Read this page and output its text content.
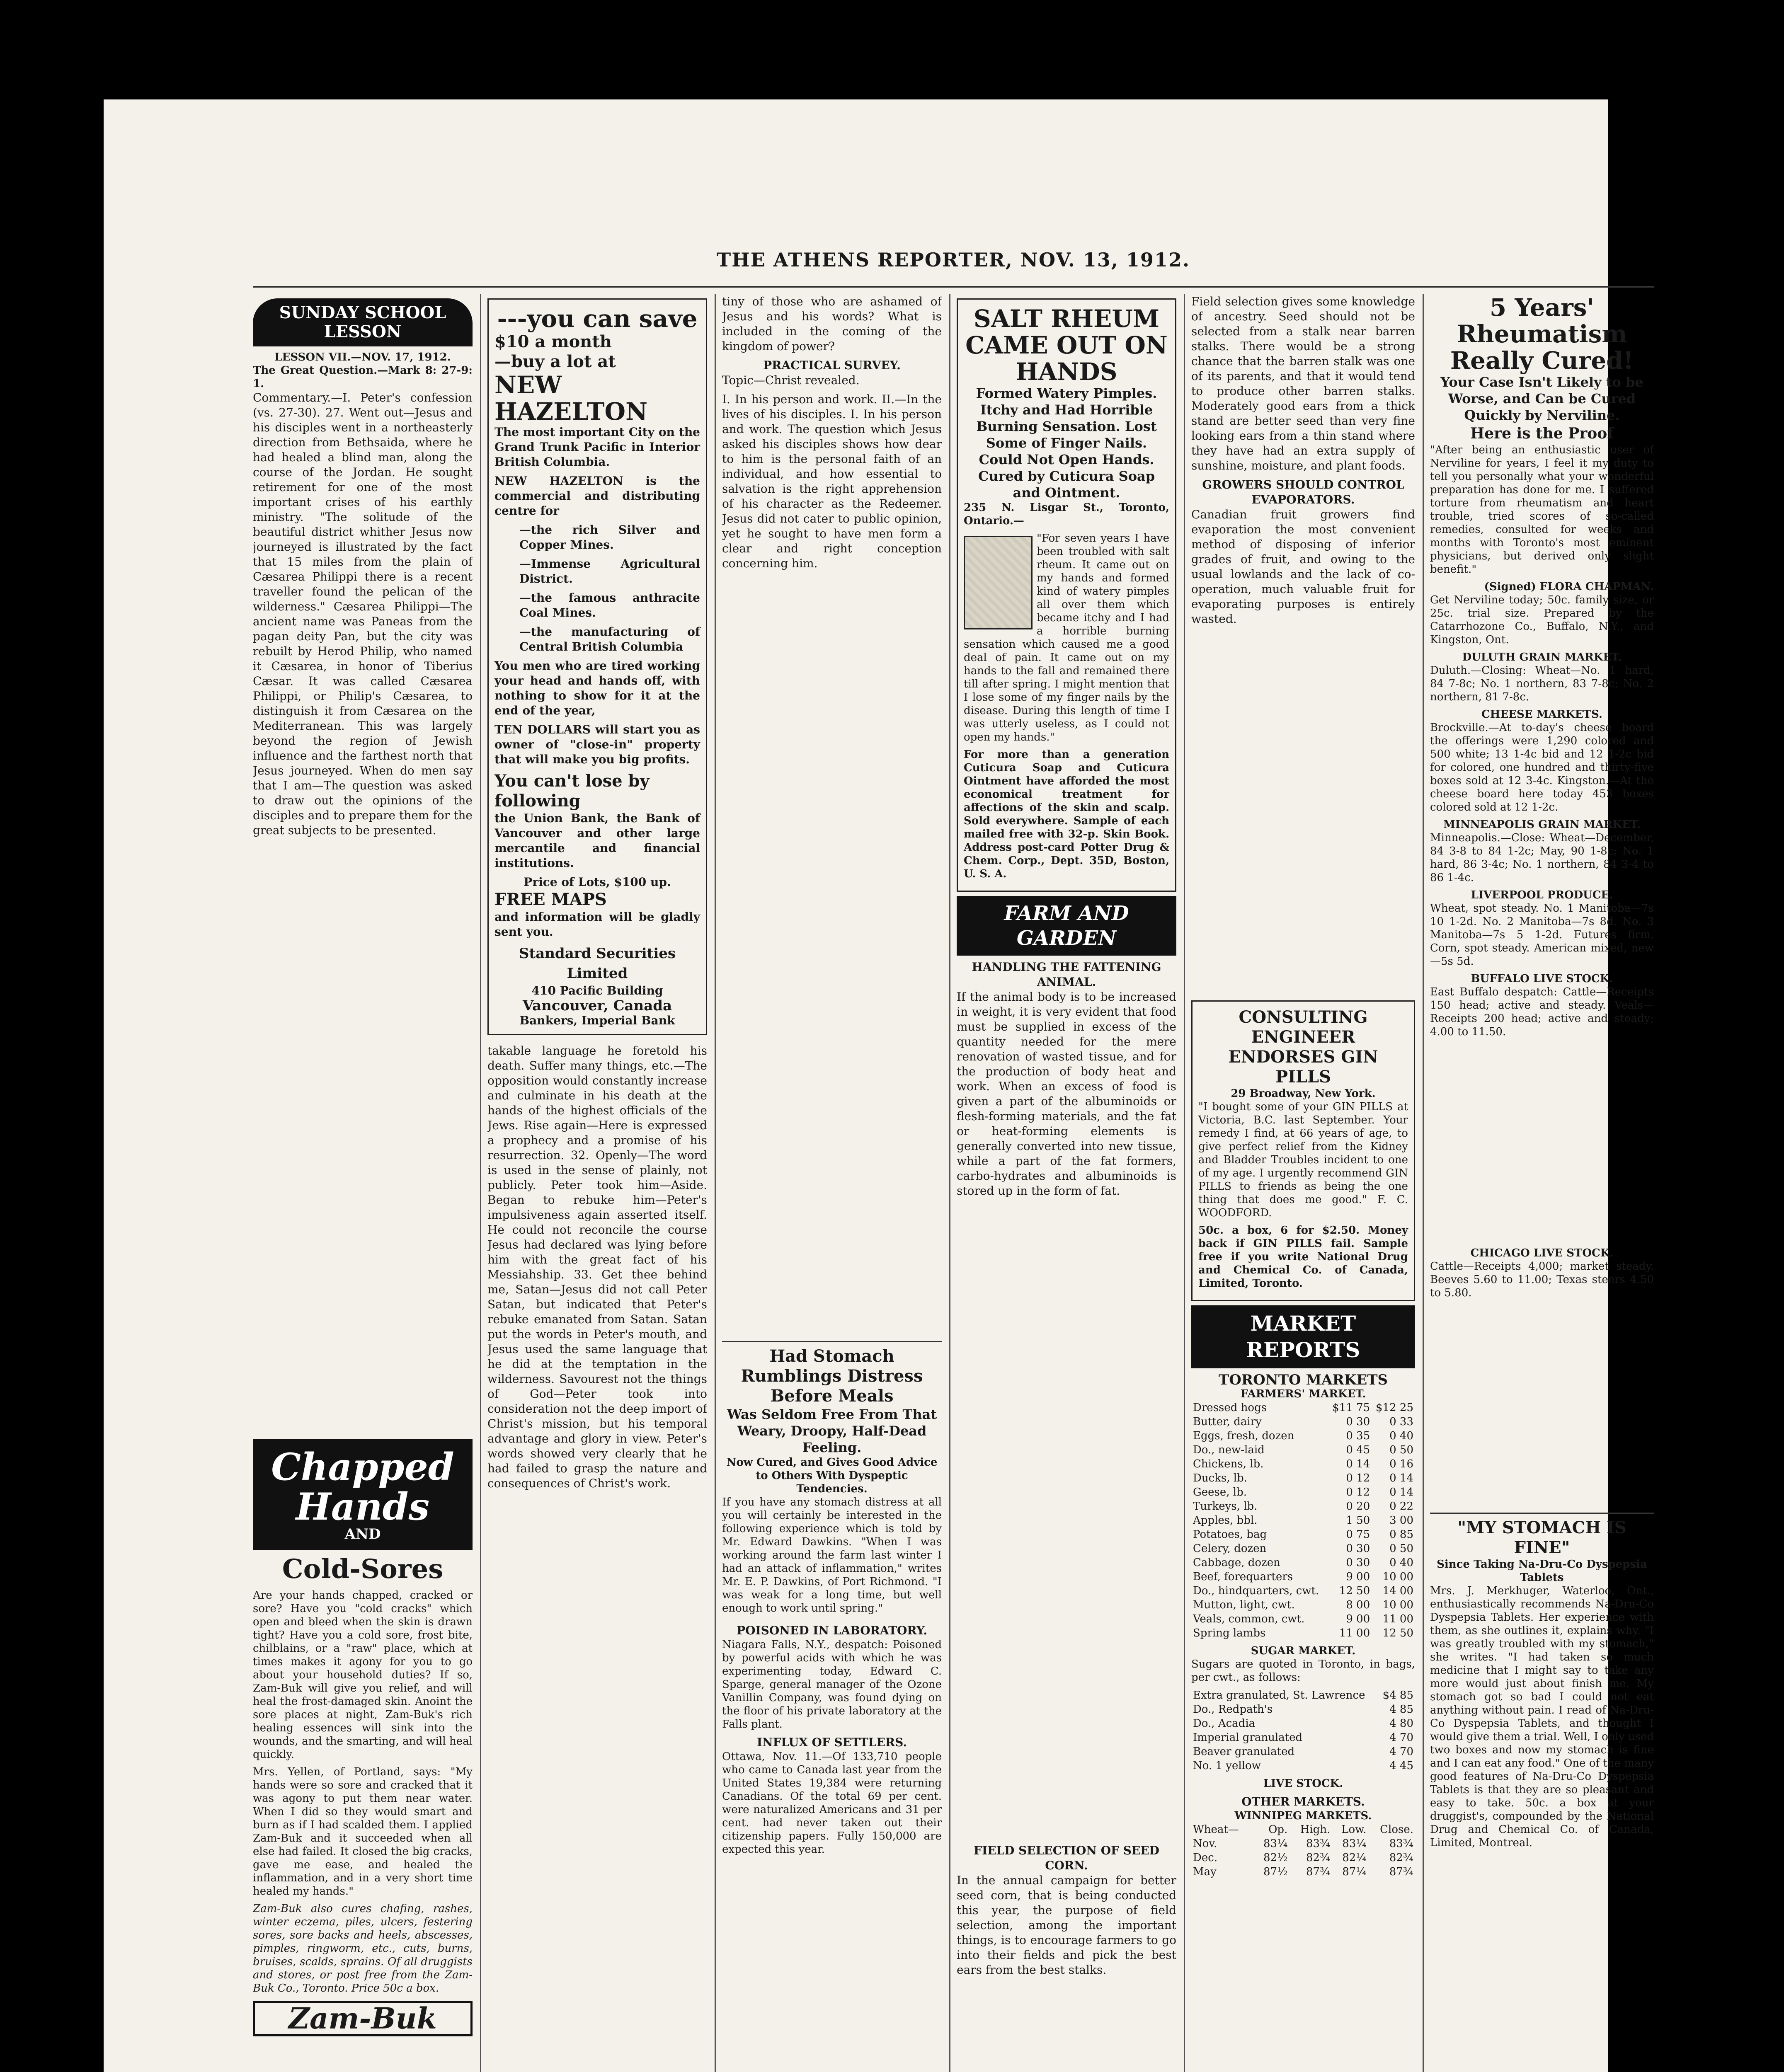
THE ATHENS REPORTER, NOV. 13, 1912.
SUNDAY SCHOOL LESSON
LESSON VII.—NOV. 17, 1912.
The Great Question.—Mark 8: 27-9: 1.
Commentary.—I. Peter's confession (vs. 27-30). 27. Went out—Jesus and his disciples went in a northeasterly direction from Bethsaida, where he had healed a blind man, along the course of the Jordan. He sought retirement for one of the most important crises of his earthly ministry. "The solitude of the beautiful district whither Jesus now journeyed is illustrated by the fact that 15 miles from the plain of Cæsarea Philippi there is a recent traveller found the pelican of the wilderness." Cæsarea Philippi—The ancient name was Paneas from the pagan deity Pan, but the city was rebuilt by Herod Philip, who named it Cæsarea, in honor of Tiberius Cæsar. It was called Cæsarea Philippi, or Philip's Cæsarea, to distinguish it from Cæsarea on the Mediterranean. This was largely beyond the region of Jewish influence and the farthest north that Jesus journeyed. When do men say that I am—The question was asked to draw out the opinions of the disciples and to prepare them for the great subjects to be presented.
Chapped Hands
AND
Cold-Sores
Are your hands chapped, cracked or sore? Have you "cold cracks" which open and bleed when the skin is drawn tight? Have you a cold sore, frost bite, chilblains, or a "raw" place, which at times makes it agony for you to go about your household duties? If so, Zam-Buk will give you relief, and will heal the frost-damaged skin. Anoint the sore places at night, Zam-Buk's rich healing essences will sink into the wounds, and the smarting, and will heal quickly.
Mrs. Yellen, of Portland, says: "My hands were so sore and cracked that it was agony to put them near water. When I did so they would smart and burn as if I had scalded them. I applied Zam-Buk and it succeeded when all else had failed. It closed the big cracks, gave me ease, and healed the inflammation, and in a very short time healed my hands."
Zam-Buk also cures chafing, rashes, winter eczema, piles, ulcers, festering sores, sore backs and heels, abscesses, pimples, ringworm, etc., cuts, burns, bruises, scalds, sprains. Of all druggists and stores, or post free from the Zam-Buk Co., Toronto. Price 50c a box.
Zam-Buk
---you can save
$10 a month
—buy a lot at
NEW HAZELTON
The most important City on the Grand Trunk Pacific in Interior British Columbia.
NEW HAZELTON is the commercial and distributing centre for
—the rich Silver and Copper Mines.
—Immense Agricultural District.
—the famous anthracite Coal Mines.
—the manufacturing of Central British Columbia
You men who are tired working your head and hands off, with nothing to show for it at the end of the year,
TEN DOLLARS will start you as owner of "close-in" property that will make you big profits.
You can't lose by following
the Union Bank, the Bank of Vancouver and other large mercantile and financial institutions.
Price of Lots, $100 up.
FREE MAPS
and information will be gladly sent you.
Standard Securities Limited
410 Pacific Building
Vancouver, Canada
Bankers, Imperial Bank
takable language he foretold his death. Suffer many things, etc.—The opposition would constantly increase and culminate in his death at the hands of the highest officials of the Jews. Rise again—Here is expressed a prophecy and a promise of his resurrection. 32. Openly—The word is used in the sense of plainly, not publicly. Peter took him—Aside. Began to rebuke him—Peter's impulsiveness again asserted itself. He could not reconcile the course Jesus had declared was lying before him with the great fact of his Messiahship. 33. Get thee behind me, Satan—Jesus did not call Peter Satan, but indicated that Peter's rebuke emanated from Satan. Satan put the words in Peter's mouth, and Jesus used the same language that he did at the temptation in the wilderness. Savourest not the things of God—Peter took into consideration not the deep import of Christ's mission, but his temporal advantage and glory in view. Peter's words showed very clearly that he had failed to grasp the nature and consequences of Christ's work.
tiny of those who are ashamed of Jesus and his words? What is included in the coming of the kingdom of power?
PRACTICAL SURVEY.
Topic—Christ revealed.
I. In his person and work. II.—In the lives of his disciples. I. In his person and work. The question which Jesus asked his disciples shows how dear to him is the personal faith of an individual, and how essential to salvation is the right apprehension of his character as the Redeemer. Jesus did not cater to public opinion, yet he sought to have men form a clear and right conception concerning him.
Had Stomach Rumblings Distress Before Meals
Was Seldom Free From That Weary, Droopy, Half-Dead Feeling.
Now Cured, and Gives Good Advice to Others With Dyspeptic Tendencies.
If you have any stomach distress at all you will certainly be interested in the following experience which is told by Mr. Edward Dawkins. "When I was working around the farm last winter I had an attack of inflammation," writes Mr. E. P. Dawkins, of Port Richmond. "I was weak for a long time, but well enough to work until spring."
POISONED IN LABORATORY.
Niagara Falls, N.Y., despatch: Poisoned by powerful acids with which he was experimenting today, Edward C. Sparge, general manager of the Ozone Vanillin Company, was found dying on the floor of his private laboratory at the Falls plant.
INFLUX OF SETTLERS.
Ottawa, Nov. 11.—Of 133,710 people who came to Canada last year from the United States 19,384 were returning Canadians. Of the total 69 per cent. were naturalized Americans and 31 per cent. had never taken out their citizenship papers. Fully 150,000 are expected this year.
SALT RHEUM CAME OUT ON HANDS
Formed Watery Pimples. Itchy and Had Horrible Burning Sensation. Lost Some of Finger Nails. Could Not Open Hands. Cured by Cuticura Soap and Ointment.
235 N. Lisgar St., Toronto, Ontario.—
"For seven years I have been troubled with salt rheum. It came out on my hands and formed kind of watery pimples all over them which became itchy and I had a horrible burning sensation which caused me a good deal of pain. It came out on my hands to the fall and remained there till after spring. I might mention that I lose some of my finger nails by the disease. During this length of time I was utterly useless, as I could not open my hands."
For more than a generation Cuticura Soap and Cuticura Ointment have afforded the most economical treatment for affections of the skin and scalp. Sold everywhere. Sample of each mailed free with 32-p. Skin Book. Address post-card Potter Drug & Chem. Corp., Dept. 35D, Boston, U. S. A.
FARM AND GARDEN
HANDLING THE FATTENING ANIMAL.
If the animal body is to be increased in weight, it is very evident that food must be supplied in excess of the quantity needed for the mere renovation of wasted tissue, and for the production of body heat and work. When an excess of food is given a part of the albuminoids or flesh-forming materials, and the fat or heat-forming elements is generally converted into new tissue, while a part of the fat formers, carbo-hydrates and albuminoids is stored up in the form of fat.
FIELD SELECTION OF SEED CORN.
In the annual campaign for better seed corn, that is being conducted this year, the purpose of field selection, among the important things, is to encourage farmers to go into their fields and pick the best ears from the best stalks.
Field selection gives some knowledge of ancestry. Seed should not be selected from a stalk near barren stalks. There would be a strong chance that the barren stalk was one of its parents, and that it would tend to produce other barren stalks. Moderately good ears from a thick stand are better seed than very fine looking ears from a thin stand where they have had an extra supply of sunshine, moisture, and plant foods.
GROWERS SHOULD CONTROL EVAPORATORS.
Canadian fruit growers find evaporation the most convenient method of disposing of inferior grades of fruit, and owing to the usual lowlands and the lack of co-operation, much valuable fruit for evaporating purposes is entirely wasted.
CONSULTING ENGINEER ENDORSES GIN PILLS
29 Broadway, New York.
"I bought some of your GIN PILLS at Victoria, B.C. last September. Your remedy I find, at 66 years of age, to give perfect relief from the Kidney and Bladder Troubles incident to one of my age. I urgently recommend GIN PILLS to friends as being the one thing that does me good." F. C. WOODFORD.
50c. a box, 6 for $2.50. Money back if GIN PILLS fail. Sample free if you write National Drug and Chemical Co. of Canada, Limited, Toronto.
MARKET REPORTS
TORONTO MARKETS
FARMERS' MARKET.
Dressed hogs	$11 75	$12 25
Butter, dairy	0 30	0 33
Eggs, fresh, dozen	0 35	0 40
Do., new-laid	0 45	0 50
Chickens, lb.	0 14	0 16
Ducks, lb.	0 12	0 14
Geese, lb.	0 12	0 14
Turkeys, lb.	0 20	0 22
Apples, bbl.	1 50	3 00
Potatoes, bag	0 75	0 85
Celery, dozen	0 30	0 50
Cabbage, dozen	0 30	0 40
Beef, forequarters	9 00	10 00
Do., hindquarters, cwt.	12 50	14 00
Mutton, light, cwt.	8 00	10 00
Veals, common, cwt.	9 00	11 00
Spring lambs	11 00	12 50
SUGAR MARKET.
Sugars are quoted in Toronto, in bags, per cwt., as follows:
Extra granulated, St. Lawrence	$4 85
Do., Redpath's	4 85
Do., Acadia	4 80
Imperial granulated	4 70
Beaver granulated	4 70
No. 1 yellow	4 45
LIVE STOCK.
OTHER MARKETS.
WINNIPEG MARKETS.
Wheat—	Op.	High.	Low.	Close.
Nov.	83¼	83¾	83¼	83¾
Dec.	82½	82¾	82¼	82¾
May	87½	87¾	87¼	87¾
5 Years' Rheumatism Really Cured!
Your Case Isn't Likely to be Worse, and Can be Cured Quickly by Nerviline.
Here is the Proof
"After being an enthusiastic user of Nerviline for years, I feel it my duty to tell you personally what your wonderful preparation has done for me. I suffered torture from rheumatism and heart trouble, tried scores of so-called remedies, consulted for weeks and months with Toronto's most eminent physicians, but derived only slight benefit."
(Signed) FLORA CHAPMAN.
Get Nerviline today; 50c. family size, or 25c. trial size. Prepared by the Catarrhozone Co., Buffalo, N.Y., and Kingston, Ont.
DULUTH GRAIN MARKET.
Duluth.—Closing: Wheat—No. 1 hard, 84 7-8c; No. 1 northern, 83 7-8c; No. 2 northern, 81 7-8c.
CHEESE MARKETS.
Brockville.—At to-day's cheese board the offerings were 1,290 colored and 500 white; 13 1-4c bid and 12 1-2c bid for colored, one hundred and thirty-five boxes sold at 12 3-4c. Kingston.—At the cheese board here today 453 boxes colored sold at 12 1-2c.
MINNEAPOLIS GRAIN MARKET.
Minneapolis.—Close: Wheat—December, 84 3-8 to 84 1-2c; May, 90 1-8c; No. 1 hard, 86 3-4c; No. 1 northern, 84 3-4 to 86 1-4c.
LIVERPOOL PRODUCE.
Wheat, spot steady. No. 1 Manitoba—7s 10 1-2d. No. 2 Manitoba—7s 8d. No. 3 Manitoba—7s 5 1-2d. Futures firm. Corn, spot steady. American mixed, new—5s 5d.
BUFFALO LIVE STOCK.
East Buffalo despatch: Cattle—Receipts 150 head; active and steady. Veals—Receipts 200 head; active and steady; 4.00 to 11.50.
CHICAGO LIVE STOCK.
Cattle—Receipts 4,000; market steady. Beeves 5.60 to 11.00; Texas steers 4.50 to 5.80.
"MY STOMACH IS FINE"
Since Taking Na-Dru-Co Dyspepsia Tablets
Mrs. J. Merkhuger, Waterloo, Ont., enthusiastically recommends Na-Dru-Co Dyspepsia Tablets. Her experience with them, as she outlines it, explains why. "I was greatly troubled with my stomach," she writes. "I had taken so much medicine that I might say to take any more would just about finish me. My stomach got so bad I could not eat anything without pain. I read of Na-Dru-Co Dyspepsia Tablets, and thought I would give them a trial. Well, I only used two boxes and now my stomach is fine and I can eat any food." One of the many good features of Na-Dru-Co Dyspepsia Tablets is that they are so pleasant and easy to take. 50c. a box at your druggist's, compounded by the National Drug and Chemical Co. of Canada, Limited, Montreal.
